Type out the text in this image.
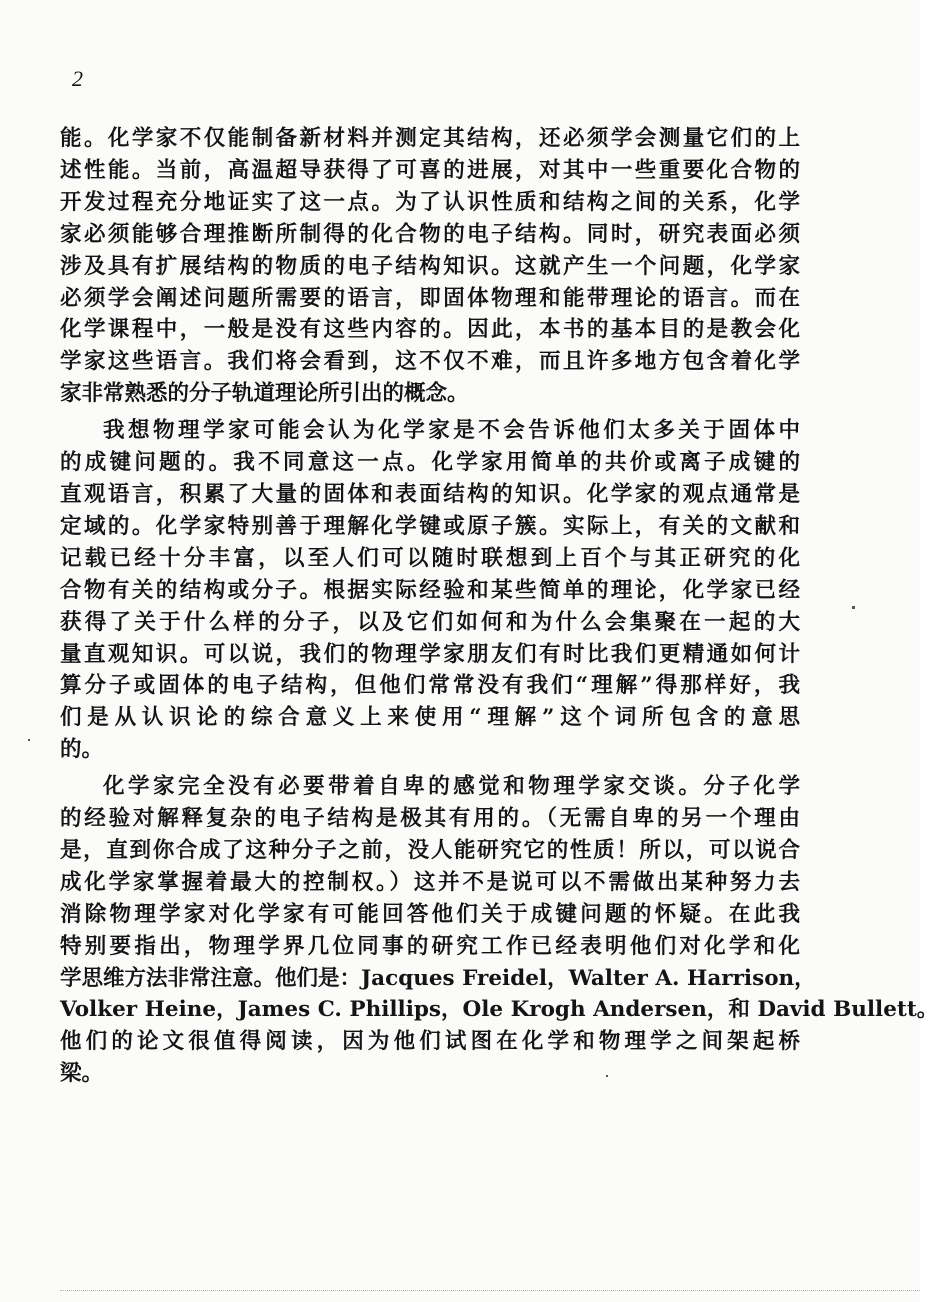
2

能。化学家不仅能制备新材料并测定其结构，还必须学会测量它们的上
述性能。当前，高温超导获得了可喜的进展，对其中一些重要化合物的
开发过程充分地证实了这一点。为了认识性质和结构之间的关系，化学
家必须能够合理推断所制得的化合物的电子结构。同时，研究表面必须
涉及具有扩展结构的物质的电子结构知识。这就产生一个问题，化学家
必须学会阐述问题所需要的语言，即固体物理和能带理论的语言。而在
化学课程中，一般是没有这些内容的。因此，本书的基本目的是教会化
学家这些语言。我们将会看到，这不仅不难，而且许多地方包含着化学
家非常熟悉的分子轨道理论所引出的概念。

我想物理学家可能会认为化学家是不会告诉他们太多关于固体中
的成键问题的。我不同意这一点。化学家用简单的共价或离子成键的
直观语言，积累了大量的固体和表面结构的知识。化学家的观点通常是
定域的。化学家特别善于理解化学键或原子簇。实际上，有关的文献和
记载已经十分丰富，以至人们可以随时联想到上百个与其正研究的化
合物有关的结构或分子。根据实际经验和某些简单的理论，化学家已经
获得了关于什么样的分子，以及它们如何和为什么会集聚在一起的大
量直观知识。可以说，我们的物理学家朋友们有时比我们更精通如何计
算分子或固体的电子结构，但他们常常没有我们“理解”得那样好，我
们是从认识论的综合意义上来使用“理解”这个词所包含的意思
的。

化学家完全没有必要带着自卑的感觉和物理学家交谈。分子化学
的经验对解释复杂的电子结构是极其有用的。（无需自卑的另一个理由
是，直到你合成了这种分子之前，没人能研究它的性质！所以，可以说合
成化学家掌握着最大的控制权。）这并不是说可以不需做出某种努力去
消除物理学家对化学家有可能回答他们关于成键问题的怀疑。在此我
特别要指出，物理学界几位同事的研究工作已经表明他们对化学和化
学思维方法非常注意。他们是：Jacques Freidel，Walter A. Harrison，
Volker Heine，James C. Phillips，Ole Krogh Andersen，和 David Bullett。
他们的论文很值得阅读，因为他们试图在化学和物理学之间架起桥
梁。
